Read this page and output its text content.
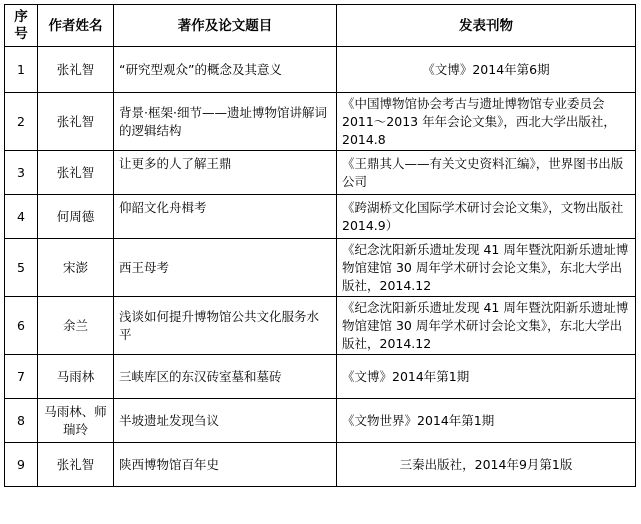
序号	作者姓名	著作及论文题目	发表刊物
1	张礼智	“研究型观众”的概念及其意义	《文博》2014年第6期
2	张礼智	背景·框架·细节——遗址博物馆讲解词的逻辑结构	《中国博物馆协会考古与遗址博物馆专业委员会 2011～2013 年年会论文集》，西北大学出版社，2014.8
3	张礼智	让更多的人了解王鼎	《王鼎其人——有关文史资料汇编》，世界图书出版公司
4	何周德	仰韶文化舟楫考	《跨湖桥文化国际学术研讨会论文集》，文物出版社 2014.9）
5	宋澎	西王母考	《纪念沈阳新乐遗址发现 41 周年暨沈阳新乐遗址博物馆建馆 30 周年学术研讨会论文集》，东北大学出版社，2014.12
6	余兰	浅谈如何提升博物馆公共文化服务水平	《纪念沈阳新乐遗址发现 41 周年暨沈阳新乐遗址博物馆建馆 30 周年学术研讨会论文集》，东北大学出版社，2014.12
7	马雨林	三峡库区的东汉砖室墓和墓砖	《文博》2014年第1期
8	马雨林、师瑞玲	半坡遗址发现刍议	《文物世界》2014年第1期
9	张礼智	陕西博物馆百年史	三秦出版社，2014年9月第1版
